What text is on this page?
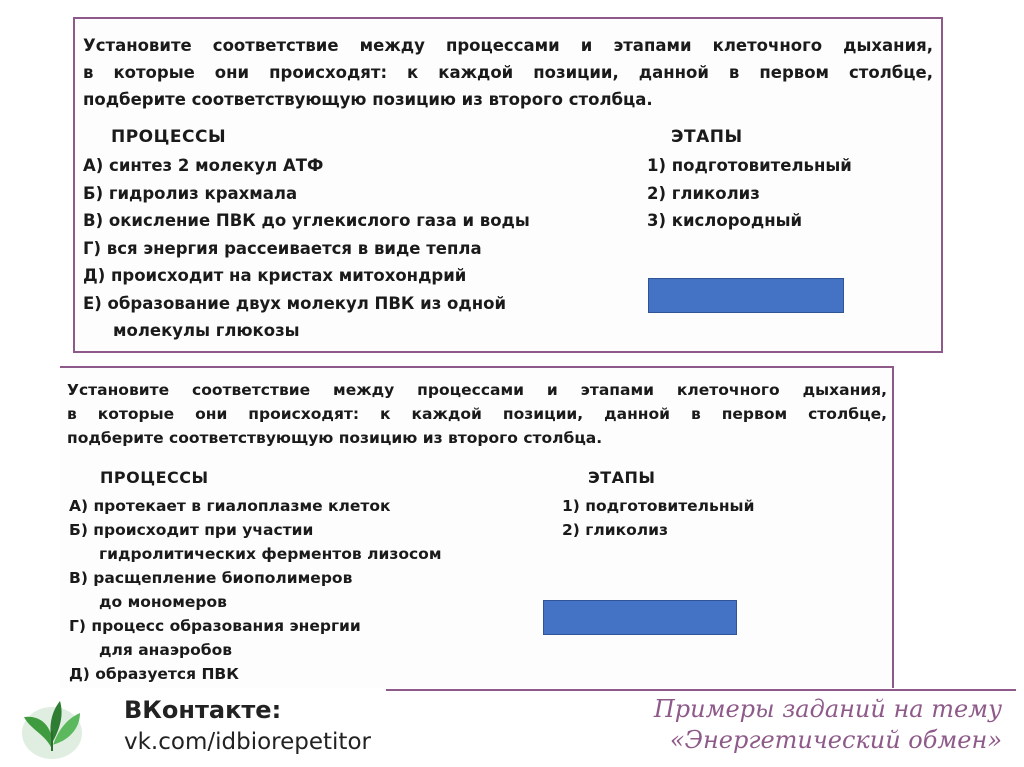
Установите соответствие между процессами и этапами клеточного дыхания,
в которые они происходят: к каждой позиции, данной в первом столбце,
подберите соответствующую позицию из второго столбца.

ПРОЦЕССЫ	ЭТАПЫ
А) синтез 2 молекул АТФ
Б) гидролиз крахмала
В) окисление ПВК до углекислого газа и воды
Г) вся энергия рассеивается в виде тепла
Д) происходит на кристах митохондрий
Е) образование двух молекул ПВК из одной
молекулы глюкозы
1) подготовительный
2) гликолиз
3) кислородный

Установите соответствие между процессами и этапами клеточного дыхания,
в которые они происходят: к каждой позиции, данной в первом столбце,
подберите соответствующую позицию из второго столбца.

ПРОЦЕССЫ	ЭТАПЫ
А) протекает в гиалоплазме клеток
Б) происходит при участии
гидролитических ферментов лизосом
В) расщепление биополимеров
до мономеров
Г) процесс образования энергии
для анаэробов
Д) образуется ПВК
1) подготовительный
2) гликолиз
ВКонтакте:
vk.com/idbiorepetitor
Примеры заданий на тему
«Энергетический обмен»
